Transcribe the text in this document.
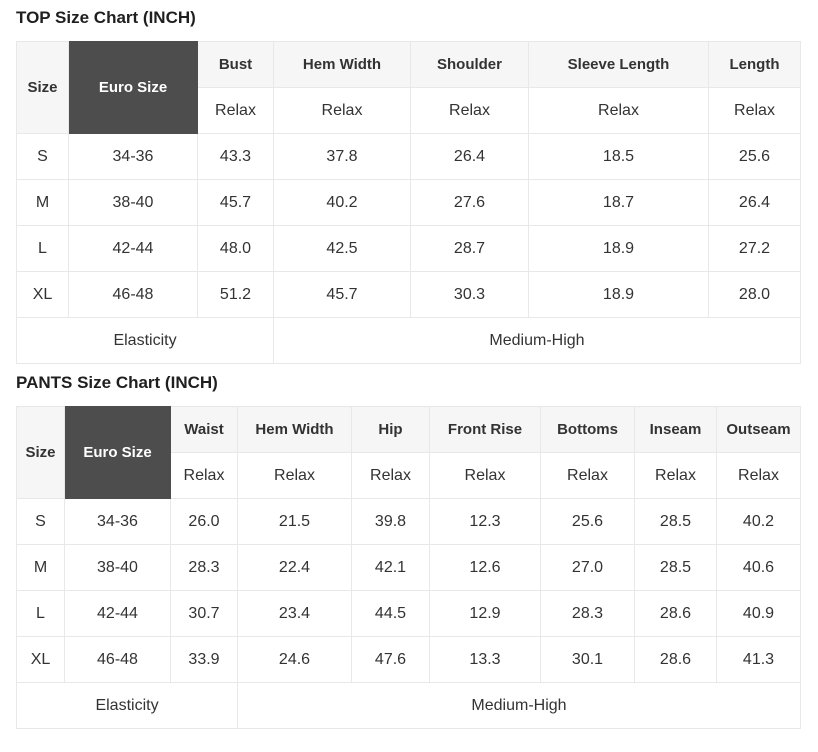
TOP Size Chart (INCH)
Size	Euro Size	Bust	Hem Width	Shoulder	Sleeve Length	Length
		Relax	Relax	Relax	Relax	Relax
S	34-36	43.3	37.8	26.4	18.5	25.6
M	38-40	45.7	40.2	27.6	18.7	26.4
L	42-44	48.0	42.5	28.7	18.9	27.2
XL	46-48	51.2	45.7	30.3	18.9	28.0
Elasticity			Medium-High			
PANTS Size Chart (INCH)
Size	Euro Size	Waist	Hem Width	Hip	Front Rise	Bottoms	Inseam	Outseam
		Relax	Relax	Relax	Relax	Relax	Relax	Relax
S	34-36	26.0	21.5	39.8	12.3	25.6	28.5	40.2
M	38-40	28.3	22.4	42.1	12.6	27.0	28.5	40.6
L	42-44	30.7	23.4	44.5	12.9	28.3	28.6	40.9
XL	46-48	33.9	24.6	47.6	13.3	30.1	28.6	41.3
Elasticity			Medium-High					
